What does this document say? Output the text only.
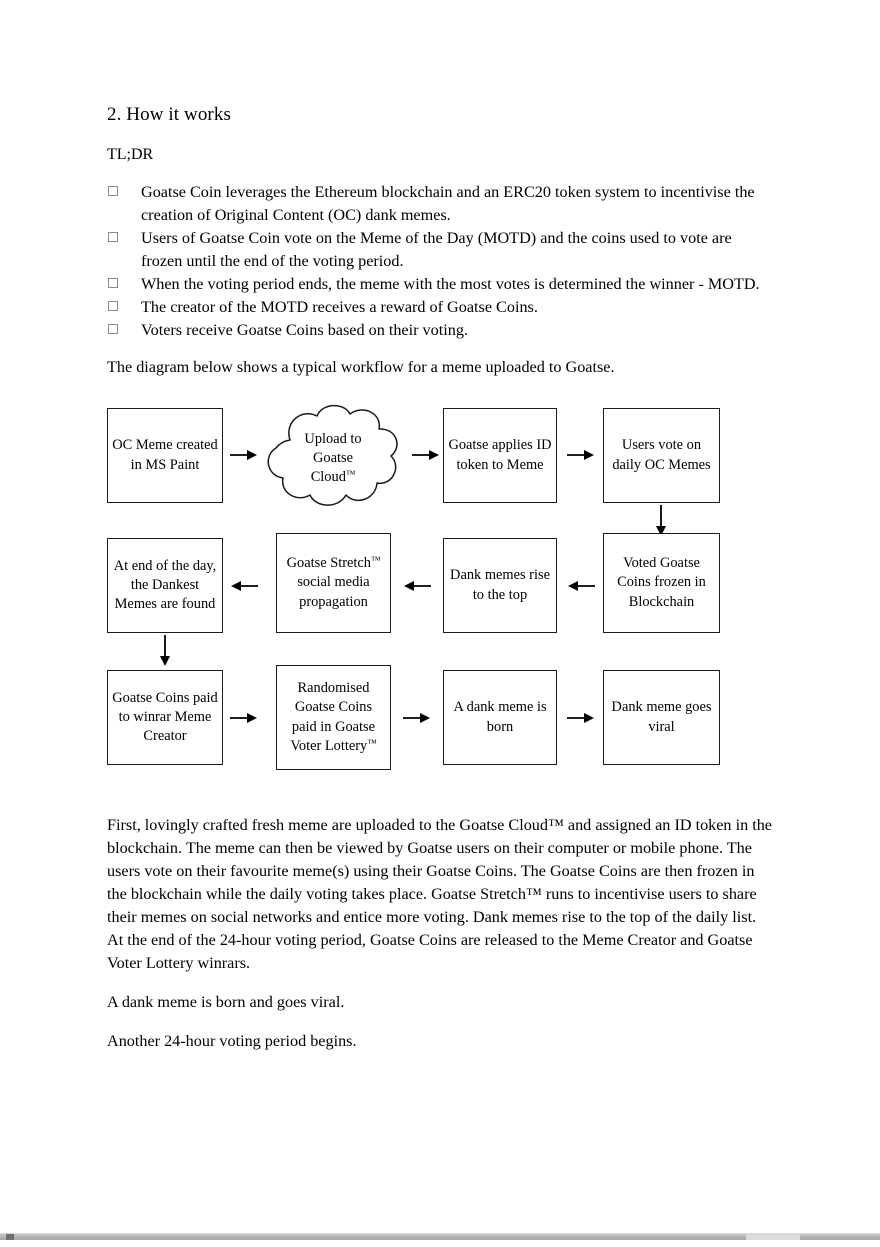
2. How it works

TL;DR

Goatse Coin leverages the Ethereum blockchain and an ERC20 token system to incentivise the creation of Original Content (OC) dank memes.
Users of Goatse Coin vote on the Meme of the Day (MOTD) and the coins used to vote are frozen until the end of the voting period.
When the voting period ends, the meme with the most votes is determined the winner - MOTD.
The creator of the MOTD receives a reward of Goatse Coins.
Voters receive Goatse Coins based on their voting.

The diagram below shows a typical workflow for a meme uploaded to Goatse.

OC Meme created in MS Paint
Upload to
Goatse
Cloud™
Goatse applies ID token to Meme
Users vote on daily OC Memes
At end of the day, the Dankest Memes are found
Goatse Stretch™
social media
propagation
Dank memes rise to the top
Voted Goatse Coins frozen in Blockchain
Goatse Coins paid to winrar Meme Creator
Randomised
Goatse Coins
paid in Goatse
Voter Lottery™
A dank meme is born
Dank meme goes viral

First, lovingly crafted fresh meme are uploaded to the Goatse Cloud™ and assigned an ID token in the blockchain. The meme can then be viewed by Goatse users on their computer or mobile phone. The users vote on their favourite meme(s) using their Goatse Coins. The Goatse Coins are then frozen in the blockchain while the daily voting takes place. Goatse Stretch™ runs to incentivise users to share their memes on social networks and entice more voting. Dank memes rise to the top of the daily list. At the end of the 24-hour voting period, Goatse Coins are released to the Meme Creator and Goatse Voter Lottery winrars.

A dank meme is born and goes viral.

Another 24-hour voting period begins.
